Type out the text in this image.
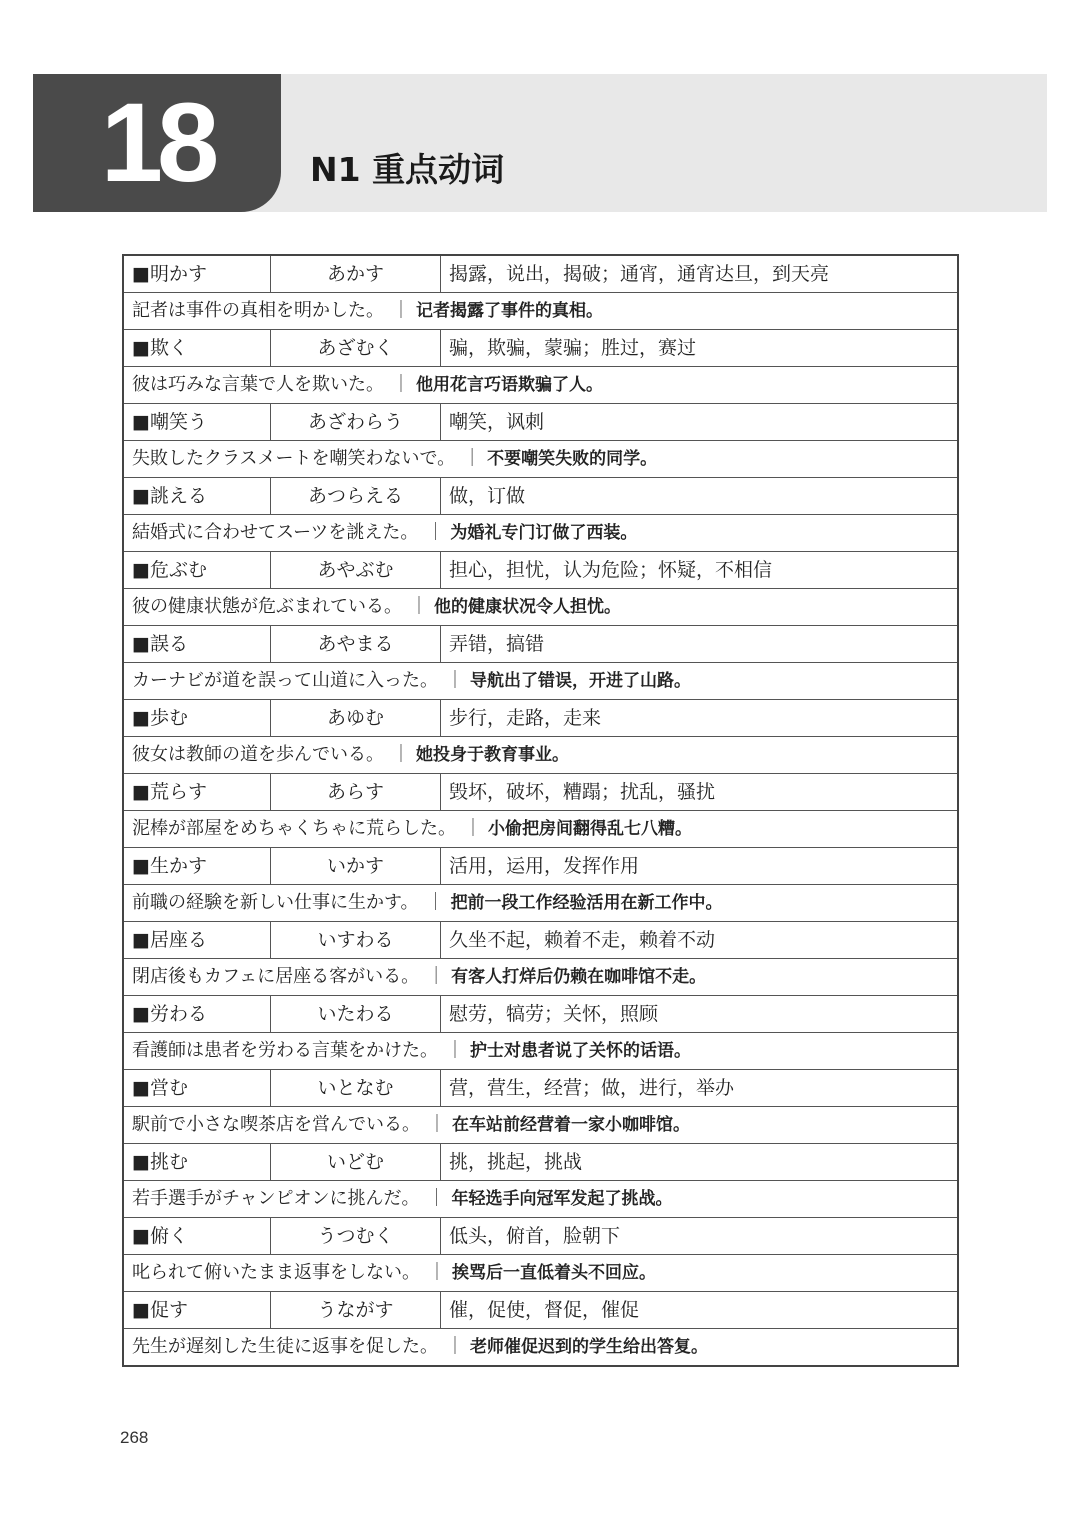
18	N1 重点动词
■明かす	あかす	揭露，说出，揭破；通宵，通宵达旦，到天亮
記者は事件の真相を明かした。 ｜ 记者揭露了事件的真相。		
■欺く	あざむく	骗，欺骗，蒙骗；胜过，赛过
彼は巧みな言葉で人を欺いた。 ｜ 他用花言巧语欺骗了人。		
■嘲笑う	あざわらう	嘲笑，讽刺
失敗したクラスメートを嘲笑わないで。 ｜ 不要嘲笑失败的同学。		
■誂える	あつらえる	做，订做
結婚式に合わせてスーツを誂えた。 ｜ 为婚礼专门订做了西装。		
■危ぶむ	あやぶむ	担心，担忧，认为危险；怀疑，不相信
彼の健康状態が危ぶまれている。 ｜ 他的健康状况令人担忧。		
■誤る	あやまる	弄错，搞错
カーナビが道を誤って山道に入った。 ｜ 导航出了错误，开进了山路。		
■歩む	あゆむ	步行，走路，走来
彼女は教師の道を歩んでいる。 ｜ 她投身于教育事业。		
■荒らす	あらす	毁坏，破坏，糟蹋；扰乱，骚扰
泥棒が部屋をめちゃくちゃに荒らした。 ｜ 小偷把房间翻得乱七八糟。		
■生かす	いかす	活用，运用，发挥作用
前職の経験を新しい仕事に生かす。 ｜ 把前一段工作经验活用在新工作中。		
■居座る	いすわる	久坐不起，赖着不走，赖着不动
閉店後もカフェに居座る客がいる。 ｜ 有客人打烊后仍赖在咖啡馆不走。		
■労わる	いたわる	慰劳，犒劳；关怀，照顾
看護師は患者を労わる言葉をかけた。 ｜ 护士对患者说了关怀的话语。		
■営む	いとなむ	营，营生，经营；做，进行，举办
駅前で小さな喫茶店を営んでいる。 ｜ 在车站前经营着一家小咖啡馆。		
■挑む	いどむ	挑，挑起，挑战
若手選手がチャンピオンに挑んだ。 ｜ 年轻选手向冠军发起了挑战。		
■俯く	うつむく	低头，俯首，脸朝下
叱られて俯いたまま返事をしない。 ｜ 挨骂后一直低着头不回应。		
■促す	うながす	催，促使，督促，催促
先生が遅刻した生徒に返事を促した。 ｜ 老师催促迟到的学生给出答复。		
268
